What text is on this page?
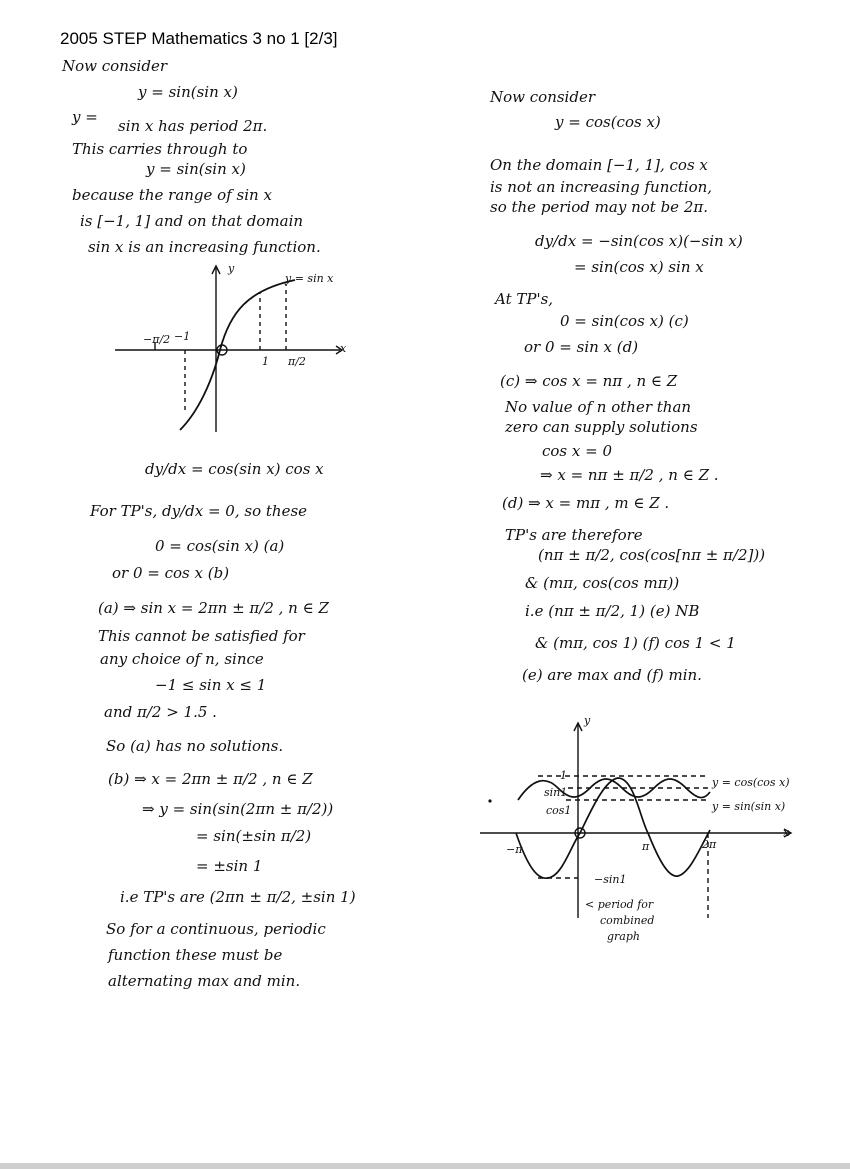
2005 STEP Mathematics 3 no 1 [2/3]
Now consider
y = sin(sin x)
y = sin x has period 2π.
This carries through to
y = sin(sin x)
because the range of sin x
is [−1, 1] and on that domain
sin x is an increasing function.
dy/dx = cos(sin x) cos x
For TP's, dy/dx = 0, so these
0 = cos(sin x) (a)
or 0 = cos x (b)
(a) ⇒ sin x = 2πn ± π/2 , n ∈ Z
This cannot be satisfied for
any choice of n, since
−1 ≤ sin x ≤ 1
and π/2 > 1.5 .
So (a) has no solutions.
(b) ⇒ x = 2πn ± π/2 , n ∈ Z
⇒ y = sin(sin(2πn ± π/2))
= sin(±sin π/2)
= ±sin 1
i.e TP's are (2πn ± π/2, ±sin 1)
So for a continuous, periodic
function these must be
alternating max and min.
y
y = sin x
x
−π/2 −1
1 π/2
Now consider
y = cos(cos x)
On the domain [−1, 1], cos x
is not an increasing function,
so the period may not be 2π.
dy/dx = −sin(cos x)(−sin x)
= sin(cos x) sin x
At TP's,
0 = sin(cos x) (c)
or 0 = sin x (d)
(c) ⇒ cos x = nπ , n ∈ Z
No value of n other than
zero can supply solutions
cos x = 0
⇒ x = nπ ± π/2 , n ∈ Z .
(d) ⇒ x = mπ , m ∈ Z .
TP's are therefore
(nπ ± π/2, cos(cos[nπ ± π/2]))
& (mπ, cos(cos mπ))
i.e (nπ ± π/2, 1) (e) NB
& (mπ, cos 1) (f) cos 1 < 1
(e) are max and (f) min.
y
x
1
sin1
cos1
−π	π	2π
−sin1
y = cos(cos x)
y = sin(sin x)
< period for
combined
graph
